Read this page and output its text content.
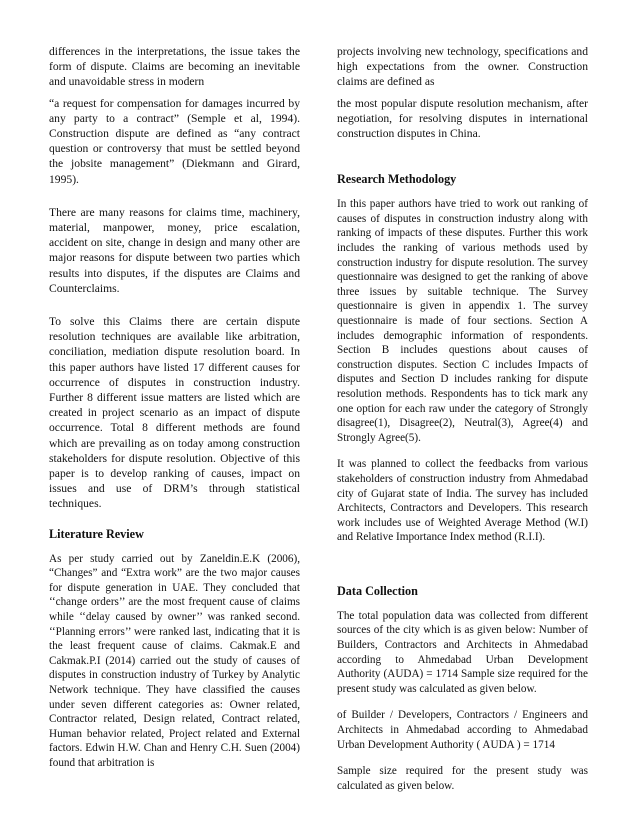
differences in the interpretations, the issue takes the form of dispute. Claims are becoming an inevitable and unavoidable stress in modern

“a request for compensation for damages incurred by any party to a contract” (Semple et al, 1994). Construction dispute are defined as “any contract question or controversy that must be settled beyond the jobsite management” (Diekmann and Girard, 1995).

There are many reasons for claims time, machinery, material, manpower, money, price escalation, accident on site, change in design and many other are major reasons for dispute between two parties which results into disputes, if the disputes are Claims and Counterclaims.

To solve this Claims there are certain dispute resolution techniques are available like arbitration, conciliation, mediation dispute resolution board. In this paper authors have listed 17 different causes for occurrence of disputes in construction industry. Further 8 different issue matters are listed which are created in project scenario as an impact of dispute occurrence. Total 8 different methods are found which are prevailing as on today among construction stakeholders for dispute resolution. Objective of this paper is to develop ranking of causes, impact on issues and use of DRM’s through statistical techniques.

Literature Review

As per study carried out by Zaneldin.E.K (2006), “Changes” and “Extra work” are the two major causes for dispute generation in UAE. They concluded that ‘‘change orders’’ are the most frequent cause of claims while ‘‘delay caused by owner’’ was ranked second. ‘‘Planning errors’’ were ranked last, indicating that it is the least frequent cause of claims. Cakmak.E and Cakmak.P.I (2014) carried out the study of causes of disputes in construction industry of Turkey by Analytic Network technique. They have classified the causes under seven different categories as: Owner related, Contractor related, Design related, Contract related, Human behavior related, Project related and External factors. Edwin H.W. Chan and Henry C.H. Suen (2004) found that arbitration is

projects involving new technology, specifications and high expectations from the owner. Construction claims are defined as

the most popular dispute resolution mechanism, after negotiation, for resolving disputes in international construction disputes in China.

Research Methodology

In this paper authors have tried to work out ranking of causes of disputes in construction industry along with ranking of impacts of these disputes. Further this work includes the ranking of various methods used by construction industry for dispute resolution. The survey questionnaire was designed to get the ranking of above three issues by suitable technique. The Survey questionnaire is given in appendix 1. The survey questionnaire is made of four sections. Section A includes demographic information of respondents. Section B includes questions about causes of construction disputes. Section C includes Impacts of disputes and Section D includes ranking for dispute resolution methods. Respondents has to tick mark any one option for each raw under the category of Strongly disagree(1), Disagree(2), Neutral(3), Agree(4) and Strongly Agree(5).

It was planned to collect the feedbacks from various stakeholders of construction industry from Ahmedabad city of Gujarat state of India. The survey has included Architects, Contractors and Developers. This research work includes use of Weighted Average Method (W.I) and Relative Importance Index method (R.I.I).

Data Collection

The total population data was collected from different sources of the city which is as given below: Number of Builders, Contractors and Architects in Ahmedabad according to Ahmedabad Urban Development Authority (AUDA) = 1714 Sample size required for the present study was calculated as given below.

of Builder / Developers, Contractors / Engineers and Architects in Ahmedabad according to Ahmedabad Urban Development Authority ( AUDA ) = 1714

Sample size required for the present study was calculated as given below.
